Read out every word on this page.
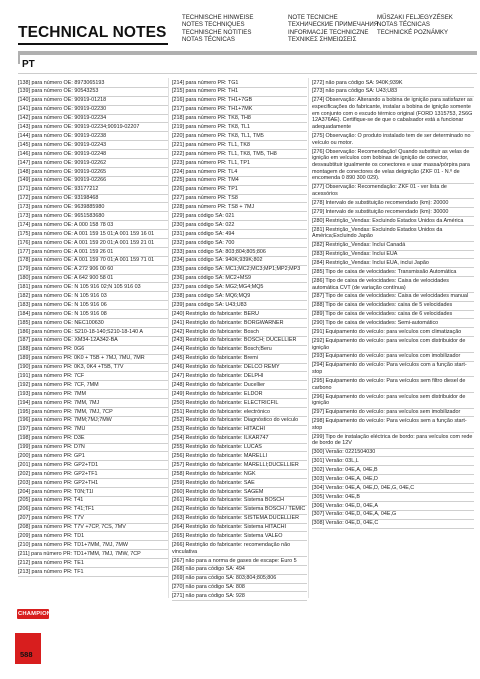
TECHNICAL NOTES
TECHNISCHE HINWEISE
NOTES TECHNIQUES
TECHNISCHE NOTITIES
NOTAS TÉCNICAS
NOTE TECNICHE
ТЕХНИЧЕСКИЕ ПРИМЕЧАНИЯ
INFORMACJE TECHNICZNE
ΤΕΧΝΙΚΕΣ ΣΗΜΕΙΩΣΕΙΣ
MŰSZAKI FELJEGYZÉSEK
NOTAS TÉCNICAS
TECHNICKÉ POZNÁMKY
PT
[138] para número OE: 8973065193
[139] para número OE: 90543253
[140] para número OE: 90919-01218
[141] para número OE: 90919-02230
[142] para número OE: 90919-02234
[143] para número OE: 90919-02234;90919-02207
[144] para número OE: 90919-02238
[145] para número OE: 90919-02243
[146] para número OE: 90919-02248
[147] para número OE: 90919-02262
[148] para número OE: 90919-02265
[149] para número OE: 90919-02266
[171] para número OE: 93177212
[172] para número OE: 93198468
[173] para número OE: 9639885980
[173] para número OE: 9651583680
[174] para número OE: A 000 158 78 03
[175] para número OE: A 001 159 15 01;A 001 159 16 01
[176] para número OE: A 001 159 20 01;A 001 159 21 01
[177] para número OE: A 001 159 26 01
[178] para número OE: A 001 159 70 01;A 001 159 71 01
[179] para número OE: A 272 906 00 60
[180] para número OE: A 642 900 58 01
[181] para número OE: N 105 916 02;N 105 916 03
[182] para número OE: N 105 916 03
[183] para número OE: N 105 916 06
[184] para número OE: N 105 916 08
[185] para número OE: NEC100630
[186] para número OE: S210-18-140;S210-18-140 A
[187] para número OE: XM34-12A342-BA
[188] para número PR: 0G6
[189] para número PR: 0K0 + T5B + 7MJ, 7MU, 7MR
[190] para número PR: 0K3, 0K4 +T5B, T7V
[191] para número PR: 7CF
[192] para número PR: 7CF, 7MM
[193] para número PR: 7MM
[194] para número PR: 7MM, 7MJ
[195] para número PR: 7MM, 7MJ, 7CP
[196] para número PR: 7MM;7MJ;7MW
[197] para número PR: 7MU
[198] para número PR: D3E
[199] para número PR: D7N
[200] para número PR: GP1
[201] para número PR: GP2+TD1
[202] para número PR: GP2+TF1
[203] para número PR: GP2+TH1
[204] para número PR: T0N;T1I
[205] para número PR: T41
[206] para número PR: T41;TF1
[207] para número PR: T7V
[208] para número PR: T7V +7CP, 7CS, 7MV
[209] para número PR: TD1
[210] para número PR: TD1+7MM, 7MJ, 7MW
[211] para número PR: TD1+7MM, 7MJ, 7MW, 7CP
[212] para número PR: TE1
[213] para número PR: TF1
[214] para número PR: TG1
[215] para número PR: TH1
[216] para número PR: TH1+7GB
[217] para número PR: TH1+7MK
[218] para número PR: TK8, TH8
[219] para número PR: TK8, TL1
[220] para número PR: TK8, TL1, TM5
[221] para número PR: TL1, TK8
[222] para número PR: TL1, TK8, TM5, TH8
[223] para número PR: TL1, TP1
[224] para número PR: TL4
[225] para número PR: TM4
[226] para número PR: TP1
[227] para número PR: TS8
[228] para número PR: TS8 + 7MJ
[229] para código SA: 021
[230] para código SA: 022
[231] para código SA: 494
[232] para código SA: 700
[233] para código SA: 803;804;805;806
[234] para código SA: 940K;939K;802
[235] para código SA: MC1;MC2;MC3;MP1;MP2;MP3
[236] para código SA: MC2+MS9
[237] para código SA: MG2;MG4;MQ5
[238] para código SA: MQ6;MQ9
[239] para código SA: U43;U83
[240] Restrição do fabricante: BERU
[241] Restrição do fabricante: BORGWARNER
[242] Restrição do fabricante: Bosch
[243] Restrição do fabricante: BOSCH; DUCELLIER
[244] Restrição do fabricante: Bosch;Beru
[245] Restrição do fabricante: Bremi
[246] Restrição do fabricante: DELCO REMY
[247] Restrição do fabricante: DELPHI
[248] Restrição do fabricante: Ducellier
[249] Restrição do fabricante: ELDOR
[250] Restrição do fabricante: ELECTRICFIL
[251] Restrição do fabricante: electrónico
[252] Restrição do fabricante: Diagnóstico do veículo
[253] Restrição do fabricante: HITACHI
[254] Restrição do fabricante: ILKAR747
[255] Restrição do fabricante: LUCAS
[256] Restrição do fabricante: MARELLI
[257] Restrição do fabricante: MARELLI;DUCELLIER
[258] Restrição do fabricante: NGK
[259] Restrição do fabricante: SAE
[260] Restrição do fabricante: SAGEM
[261] Restrição do fabricante: Sistema BOSCH
[262] Restrição do fabricante: Sistema BOSCH / TEMIC
[263] Restrição do fabricante: SISTEMA DUCELLIER
[264] Restrição do fabricante: Sistema HITACHI
[265] Restrição do fabricante: Sistema VALEO
[266] Restrição do fabricante: recomendação não vinculativa
[267] não para a norma de gases de escape: Euro 5
[268] não para código SA: 494
[269] não para código SA: 803;804;805;806
[270] não para código SA: 808
[271] não para código SA: 928
[272] não para código SA: 940K;939K
[273] não para código SA: U43;U83
[274] Observação: Alterando a bobina de ignição para satisfazer as especificações do fabricante, instalar a bobina de ignição somente em conjunto com o escudo térmico original (FORD 1315753, 2S6G 12A376AE). Certifique-se de que o cabalsador está a funcionar adequadamente
[275] Observação: O produto instalado tem de ser determinado no veículo ou motor.
[276] Observação: Recomendação! Quando substituir as velas de ignição em veículos com bobinas de ignição de conector, desvaubtituir igualmente os conectores e usar massa/pórpira para montagem de conectores de velas deignição (ZKF 01 - N.º de encomenda 0 890 300 029).
[277] Observação: Recomendação: ZKF 01 - ver lista de acessórios
[278] Intervalo de substituição recomendado (km): 20000
[279] Intervalo de substituição recomendado (km): 30000
[280] Restrição_Vendas: Excluindo Estados Unidos da América
[281] Restrição_Vendas: Excluindo Estados Unidos da América;Excluindo Japão
[282] Restrição_Vendas: Inclui Canadá
[283] Restrição_Vendas: Inclui EUA
[284] Restrição_Vendas: Inclui EUA, inclui Japão
[285] Tipo de caixa de velocidades: Transmissão Automática
[286] Tipo de caixa de velocidades: Caixa de velocidades automática CVT (de variação contínua)
[287] Tipo de caixa de velocidades: Caixa de velocidades manual
[288] Tipo de caixa de velocidades: caixa de 5 velocidades
[289] Tipo de caixa de velocidades: caixa de 6 velocidades
[290] Tipo de caixa de velocidades: Semi-automático
[291] Equipamento do veículo: para veículos com climatização
[292] Equipamento do veículo: para veículos com distribuidor de ignição
[293] Equipamento do veículo: para veículos com imobilizador
[294] Equipamento do veículo: Para veículos com a função start-stop
[295] Equipamento do veículo: Para veículos sem filtro diesel de carbono
[296] Equipamento do veículo: para veículos sem distribuidor de ignição
[297] Equipamento do veículo: para veículos sem imobilizador
[298] Equipamento do veículo: Para veículos sem a função start-stop
[299] Tipo de instalação eléctrica de bordo: para veículos com rede de bordo de 12V
[300] Versão: 0221504030
[301] Versão: 03L,L
[302] Versão: 04E,A, 04E,B
[303] Versão: 04E,A, 04E,D
[304] Versão: 04E,A, 04E,D, 04E,G, 04E,C
[305] Versão: 04E,B
[306] Versão: 04E,D, 04E,A
[307] Versão: 04E,D, 04E,A, 04E,G
[308] Versão: 04E,D, 04E,C
CHAMPION
588
